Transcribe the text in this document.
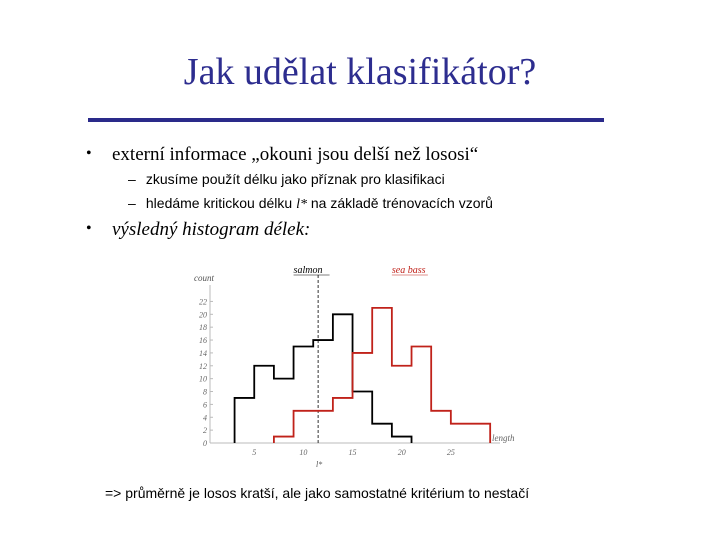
Jak udělat klasifikátor?
• externí informace „okouni jsou delší než lososi“
– zkusíme použít délku jako příznak pro klasifikaci
– hledáme kritickou délku l* na základě trénovacích vzorů
• výsledný histogram délek:
count
0
2
4
6
8
10
12
14
16
18
20
22
5	10	15	20	25
length
l*
salmon	sea bass
=> průměrně je losos kratší, ale jako samostatné kritérium to nestačí
